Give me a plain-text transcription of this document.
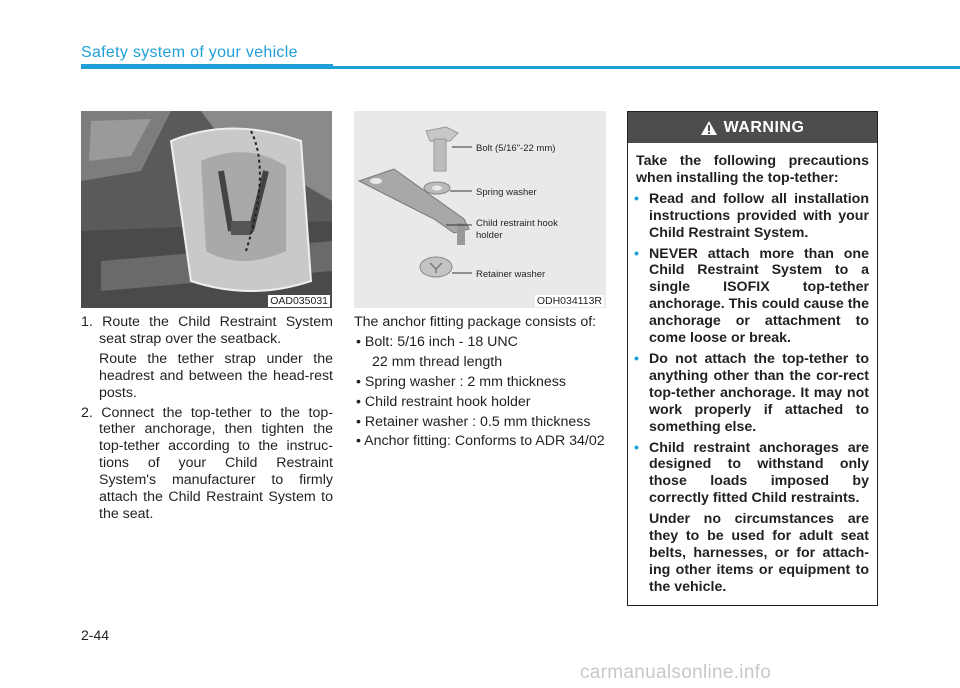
Safety system of your vehicle
OAD035031
Bolt (5/16"-22 mm)
Spring washer
Child restraint hook
holder
Retainer washer
ODH034113R

1. Route the Child Restraint System seat strap over the seatback.

Route the tether strap under the headrest and between the head-rest posts.

2. Connect the top-tether to the top-tether anchorage, then tighten the top-tether according to the instruc-tions of your Child Restraint System's manufacturer to firmly attach the Child Restraint System to the seat.

The anchor fitting package consists of:

• Bolt: 5/16 inch - 18 UNC

22 mm thread length

• Spring washer : 2 mm thickness

• Child restraint hook holder

• Retainer washer : 0.5 mm thickness

• Anchor fitting: Conforms to ADR 34/02

WARNING

Take the following precautions when installing the top-tether:

• Read and follow all installation instructions provided with your Child Restraint System.

• NEVER attach more than one Child Restraint System to a single ISOFIX top-tether anchorage. This could cause the anchorage or attachment to come loose or break.

• Do not attach the top-tether to anything other than the cor-rect top-tether anchorage. It may not work properly if attached to something else.

• Child restraint anchorages are designed to withstand only those loads imposed by correctly fitted Child restraints.

Under no circumstances are they to be used for adult seat belts, harnesses, or for attach-ing other items or equipment to the vehicle.

2-44
carmanualsonline.info
